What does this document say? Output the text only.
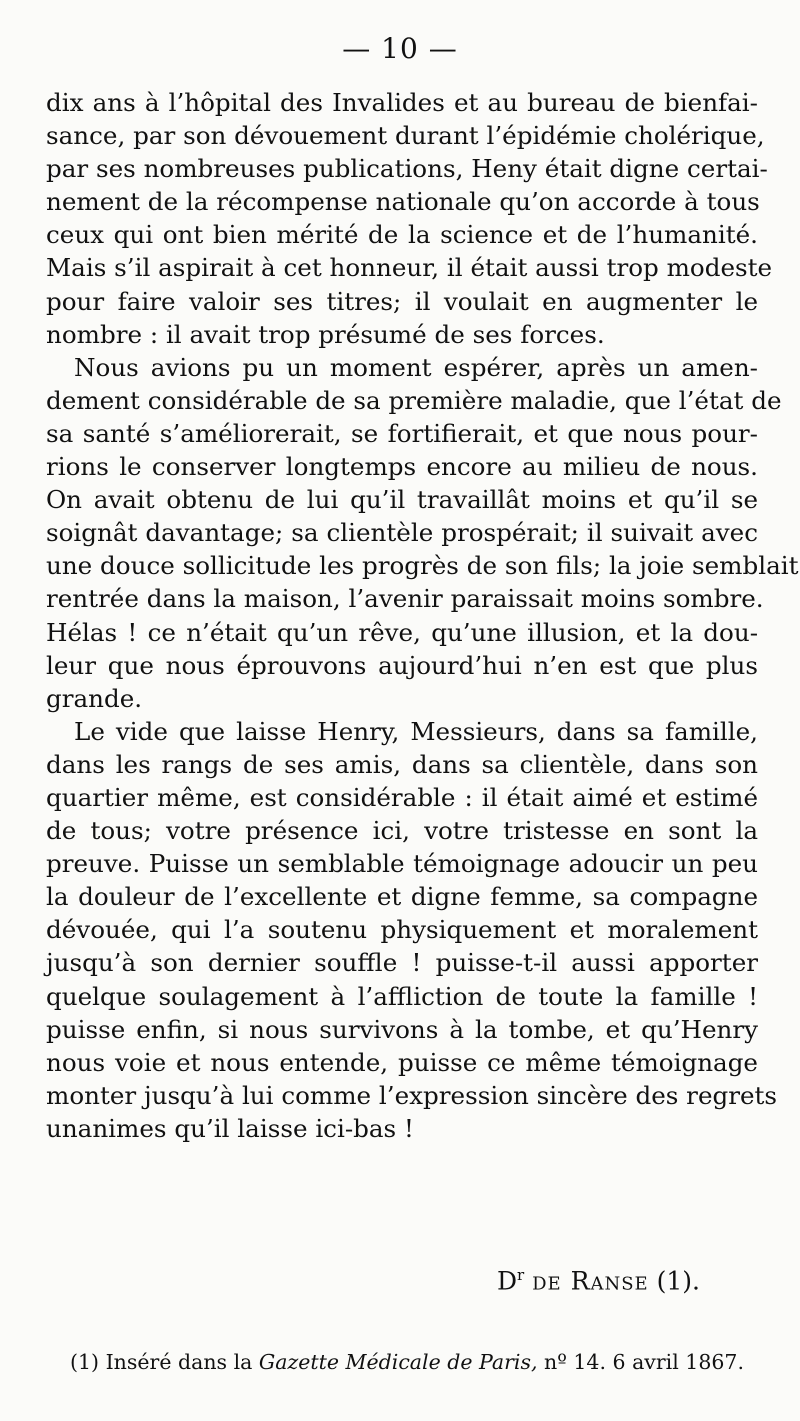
— 10 —

dix ans à l’hôpital des Invalides et au bureau de bienfai-
sance, par son dévouement durant l’épidémie cholérique,
par ses nombreuses publications, Heny était digne certai-
nement de la récompense nationale qu’on accorde à tous
ceux qui ont bien mérité de la science et de l’humanité.
Mais s’il aspirait à cet honneur, il était aussi trop modeste
pour faire valoir ses titres; il voulait en augmenter le
nombre : il avait trop présumé de ses forces.

Nous avions pu un moment espérer, après un amen-
dement considérable de sa première maladie, que l’état de
sa santé s’améliorerait, se fortifierait, et que nous pour-
rions le conserver longtemps encore au milieu de nous.
On avait obtenu de lui qu’il travaillât moins et qu’il se
soignât davantage; sa clientèle prospérait; il suivait avec
une douce sollicitude les progrès de son fils; la joie semblait
rentrée dans la maison, l’avenir paraissait moins sombre.
Hélas ! ce n’était qu’un rêve, qu’une illusion, et la dou-
leur que nous éprouvons aujourd’hui n’en est que plus
grande.

Le vide que laisse Henry, Messieurs, dans sa famille,
dans les rangs de ses amis, dans sa clientèle, dans son
quartier même, est considérable : il était aimé et estimé
de tous; votre présence ici, votre tristesse en sont la
preuve. Puisse un semblable témoignage adoucir un peu
la douleur de l’excellente et digne femme, sa compagne
dévouée, qui l’a soutenu physiquement et moralement
jusqu’à son dernier souffle ! puisse-t-il aussi apporter
quelque soulagement à l’affliction de toute la famille !
puisse enfin, si nous survivons à la tombe, et qu’Henry
nous voie et nous entende, puisse ce même témoignage
monter jusqu’à lui comme l’expression sincère des regrets
unanimes qu’il laisse ici-bas !

$D^r$ de Ranse (1).
(1) Inséré dans la Gazette Médicale de Paris, nº 14. 6 avril 1867.
